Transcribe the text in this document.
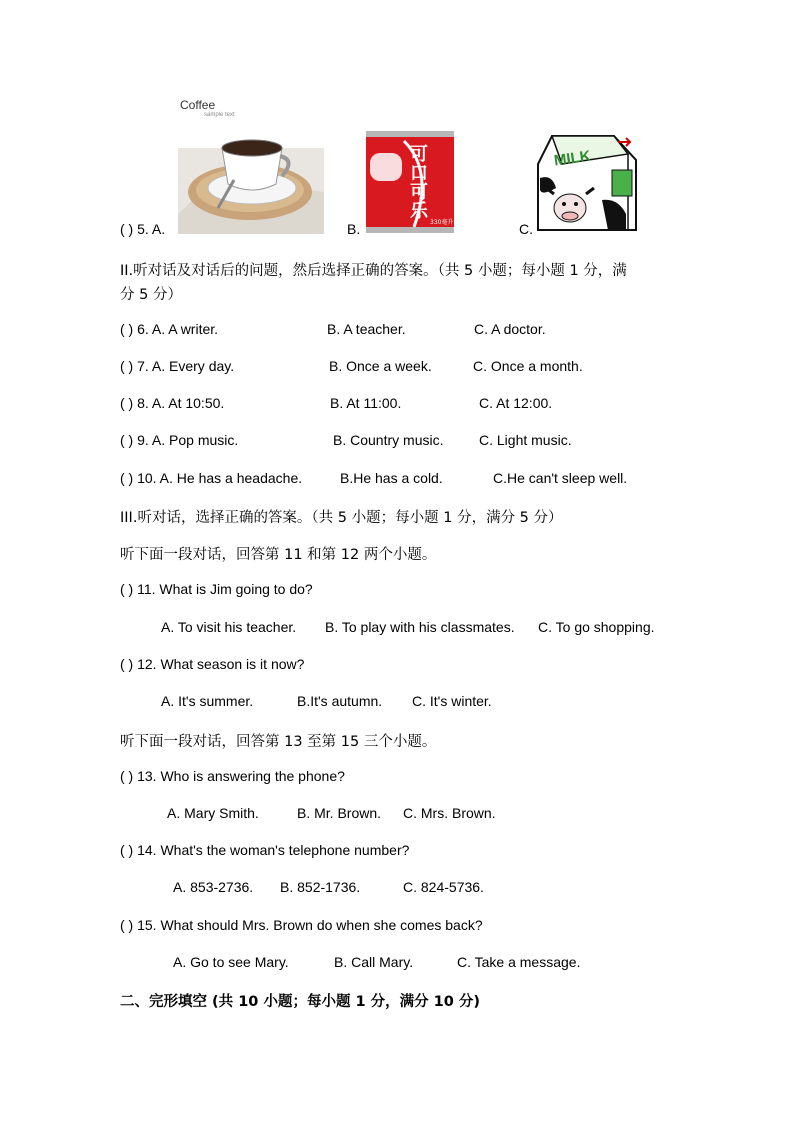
Coffee
sample text
可口可乐
330毫升
MILK
( ) 5. A.	B.	C.
II.听对话及对话后的问题，然后选择正确的答案。（共 5 小题；每小题 1 分，满
分 5 分）
( ) 6. A. A writer.	B. A teacher.	C. A doctor.
( ) 7. A. Every day.	B. Once a week.	C. Once a month.
( ) 8. A. At 10:50.	B. At 11:00.	C. At 12:00.
( ) 9. A. Pop music.	B. Country music.	C. Light music.
( ) 10. A. He has a headache.	B.He has a cold.	C.He can't sleep well.
III.听对话，选择正确的答案。（共 5 小题；每小题 1 分，满分 5 分）
听下面一段对话，回答第 11 和第 12 两个小题。
( ) 11. What is Jim going to do?
A. To visit his teacher. B. To play with his classmates. C. To go shopping.
( ) 12. What season is it now?
A. It's summer.	B.It's autumn. C. It's winter.
听下面一段对话，回答第 13 至第 15 三个小题。
( ) 13. Who is answering the phone?
A. Mary Smith.	B. Mr. Brown. C. Mrs. Brown.
( ) 14. What's the woman's telephone number?
A. 853-2736. B. 852-1736.	C. 824-5736.
( ) 15. What should Mrs. Brown do when she comes back?
A. Go to see Mary.	B. Call Mary.	C. Take a message.
二、完形填空 (共 10 小题；每小题 1 分，满分 10 分)
